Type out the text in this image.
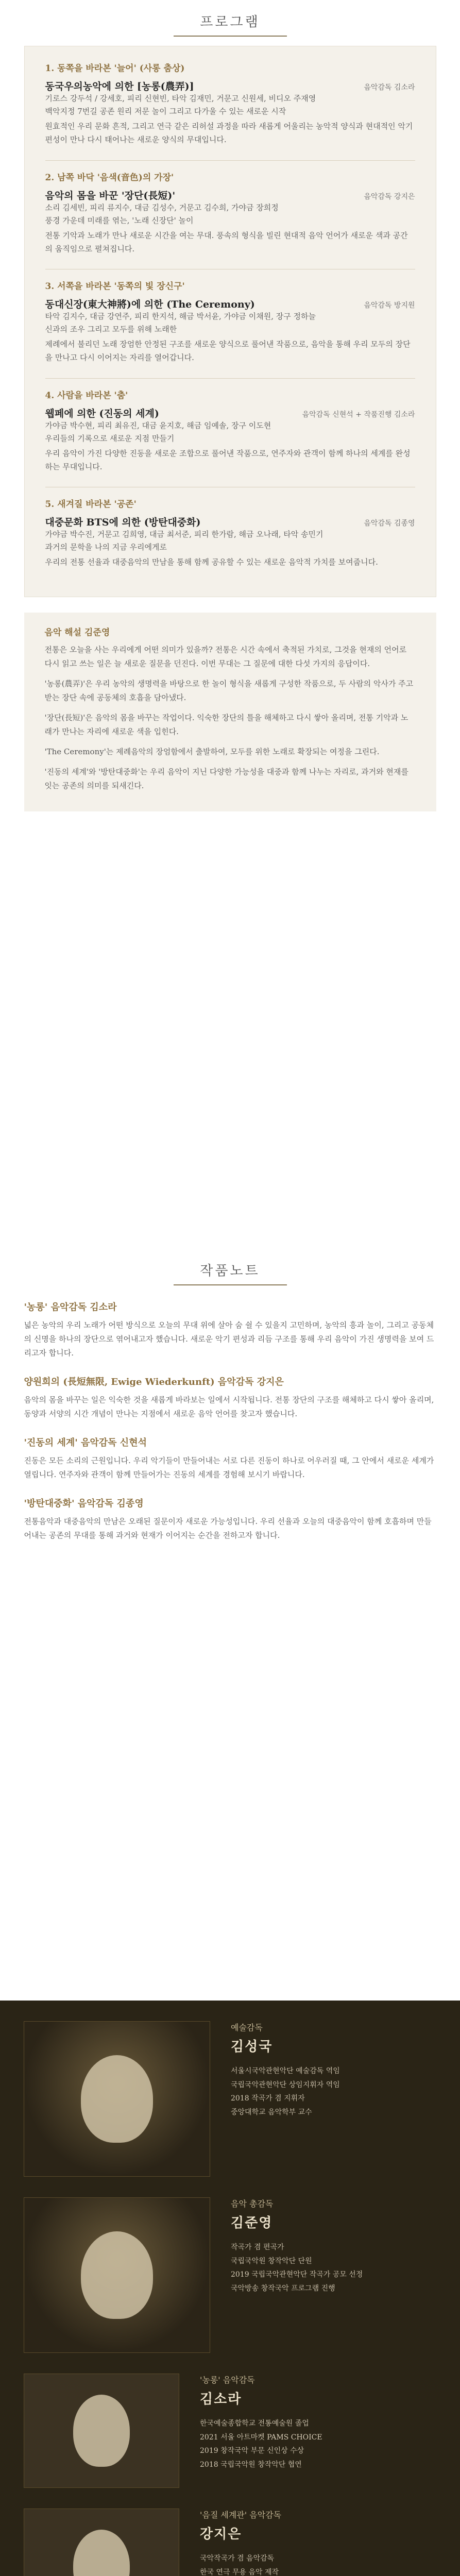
프로그램
1. 동쪽을 바라본 '늘어' (사롱 춤상)
동국우의농악에 의한 [농롱(農弄)]	음악감독 김소라
기로스 강두석 / 강세호, 피리 신현빈, 타악 김재민, 거문고 신원세, 비디오 주재영
백악지정 7번길 공존 원리 저문 놀이 그리고 다가울 수 있는 새로운 시작
원효적인 우리 문화 흔적, 그리고 연극 같은 리허설 과정을 따라 새롭게 어울리는 농악적 양식과 현대적인 악기 편성이 만나 다시 태어나는 새로운 양식의 무대입니다.
2. 남쪽 바닥 '음색(音色)의 가장'
음악의 몸을 바꾼 '장단(長短)'	음악감독 강지은
소리 김세빈, 피리 류지수, 대금 김성수, 거문고 김수희, 가야금 장희정
풍경 가운데 미래를 엮는, '노래 신장단' 놀이
전통 기악과 노래가 만나 새로운 시간을 여는 무대. 풍속의 형식을 빌린 현대적 음악 언어가 새로운 색과 공간의 움직임으로 펼쳐집니다.
3. 서쪽을 바라본 '동쪽의 빛 장신구'
동대신장(東大神將)에 의한 (The Ceremony)	음악감독 방지원
타악 김지수, 대금 강연주, 피리 한지석, 해금 박서윤, 가야금 이채원, 장구 정하늘
신과의 조우 그리고 모두를 위해 노래한
제례에서 불리던 노래 장엄한 안정된 구조를 새로운 양식으로 풀어낸 작품으로, 음악을 통해 우리 모두의 장단을 만나고 다시 이어지는 자리를 열어갑니다.
4. 사람을 바라본 '춤'
웹페에 의한 (진동의 세계)	음악감독 신현석 + 작품진행 김소라
가야금 박수현, 피리 최유진, 대금 윤지호, 해금 임예솔, 장구 이도현
우리들의 기록으로 새로운 지점 만들기
우리 음악이 가진 다양한 진동을 새로운 조합으로 풀어낸 작품으로, 연주자와 관객이 함께 하나의 세계를 완성하는 무대입니다.
5. 새겨질 바라본 '공존'
대중문화 BTS에 의한 (방탄대중화)	음악감독 김종영
가야금 박수진, 거문고 김희영, 대금 최서준, 피리 한가람, 해금 오나래, 타악 송민기
과거의 문학을 나의 지금 우리에게로
우리의 전통 선율과 대중음악의 만남을 통해 함께 공유할 수 있는 새로운 음악적 가치를 보여줍니다.
음악 해설 김준영
전통은 오늘을 사는 우리에게 어떤 의미가 있을까? 전통은 시간 속에서 축적된 가치로, 그것을 현재의 언어로 다시 읽고 쓰는 일은 늘 새로운 질문을 던진다. 이번 무대는 그 질문에 대한 다섯 가지의 응답이다.
'농롱(農弄)'은 우리 농악의 생명력을 바탕으로 한 놀이 형식을 새롭게 구성한 작품으로, 두 사람의 악사가 주고받는 장단 속에 공동체의 호흡을 담아냈다.
'장단(長短)'은 음악의 몸을 바꾸는 작업이다. 익숙한 장단의 틀을 해체하고 다시 쌓아 올리며, 전통 기악과 노래가 만나는 자리에 새로운 색을 입힌다.
'The Ceremony'는 제례음악의 장엄함에서 출발하여, 모두를 위한 노래로 확장되는 여정을 그린다.
'진동의 세계'와 '방탄대중화'는 우리 음악이 지닌 다양한 가능성을 대중과 함께 나누는 자리로, 과거와 현재를 잇는 공존의 의미를 되새긴다.
작품노트
'농롱' 음악감독 김소라
넓은 농악의 우리 노래가 어떤 방식으로 오늘의 무대 위에 살아 숨 쉴 수 있을지 고민하며, 농악의 흥과 놀이, 그리고 공동체의 신명을 하나의 장단으로 엮어내고자 했습니다. 새로운 악기 편성과 리듬 구조를 통해 우리 음악이 가진 생명력을 보여 드리고자 합니다.
양원희의 (長短無限, Ewige Wiederkunft) 음악감독 강지은
음악의 몸을 바꾸는 일은 익숙한 것을 새롭게 바라보는 일에서 시작됩니다. 전통 장단의 구조를 해체하고 다시 쌓아 올리며, 동양과 서양의 시간 개념이 만나는 지점에서 새로운 음악 언어를 찾고자 했습니다.
'진동의 세계' 음악감독 신현석
진동은 모든 소리의 근원입니다. 우리 악기들이 만들어내는 서로 다른 진동이 하나로 어우러질 때, 그 안에서 새로운 세계가 열립니다. 연주자와 관객이 함께 만들어가는 진동의 세계를 경험해 보시기 바랍니다.
'방탄대중화' 음악감독 김종영
전통음악과 대중음악의 만남은 오래된 질문이자 새로운 가능성입니다. 우리 선율과 오늘의 대중음악이 함께 호흡하며 만들어내는 공존의 무대를 통해 과거와 현재가 이어지는 순간을 전하고자 합니다.
예술감독
김성국
서울시국악관현악단 예술감독 역임
국립국악관현악단 상임지휘자 역임
2018 작곡가 겸 지휘자
중앙대학교 음악학부 교수
음악 총감독
김준영
작곡가 겸 편곡가
국립국악원 창작악단 단원
2019 국립국악관현악단 작곡가 공모 선정
국악방송 창작국악 프로그램 진행
'농롱' 음악감독
김소라
한국예술종합학교 전통예술원 졸업
2021 서울 아트마켓 PAMS CHOICE
2019 창작국악 부문 신인상 수상
2018 국립국악원 창작악단 협연
'음질 세계관' 음악감독
강지은
국악작곡가 겸 음악감독
한국 연극 무용 음악 제작
